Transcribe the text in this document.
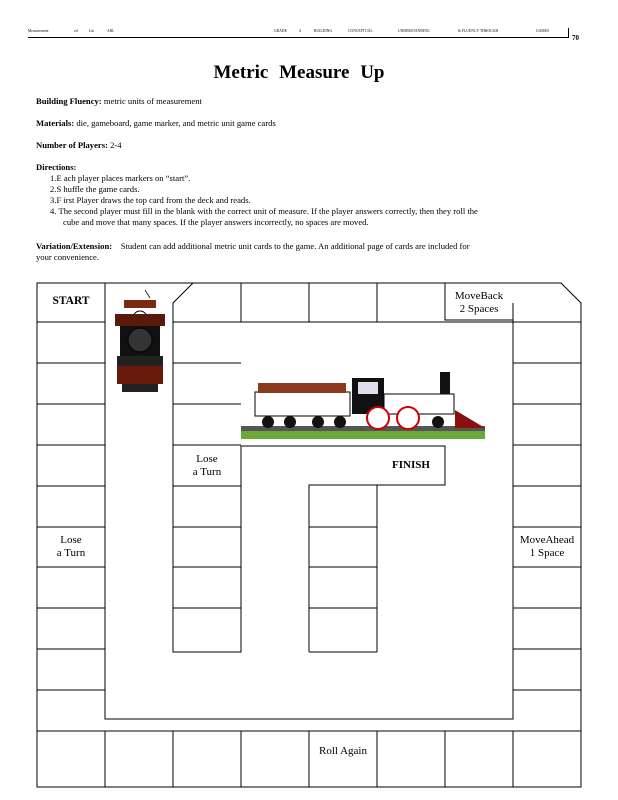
Measurement	ed	Lin	ARL	GRADE	4	BUILDING	CONCEPTUAL	UNDERSTANDING	& FLUENCY THROUGH	GAMES
70
Metric Measure Up
Building Fluency: metric units of measurement
Materials: die, gameboard, game marker, and metric unit game cards
Number of Players: 2-4
Directions:
1.E ach player places markers on “start”.
2.S huffle the game cards.
3.F irst Player draws the top card from the deck and reads.
4. The second player must fill in the blank with the correct unit of measure. If the player answers correctly, then they roll the
cube and move that many spaces. If the player answers incorrectly, no spaces are moved.
Variation/Extension: Student can add additional metric unit cards to the game. An additional page of cards are included for
your convenience.
START	MoveBack
2 Spaces
Lose
a Turn
FINISH
Lose
a Turn
MoveAhead
1 Space
Roll Again
